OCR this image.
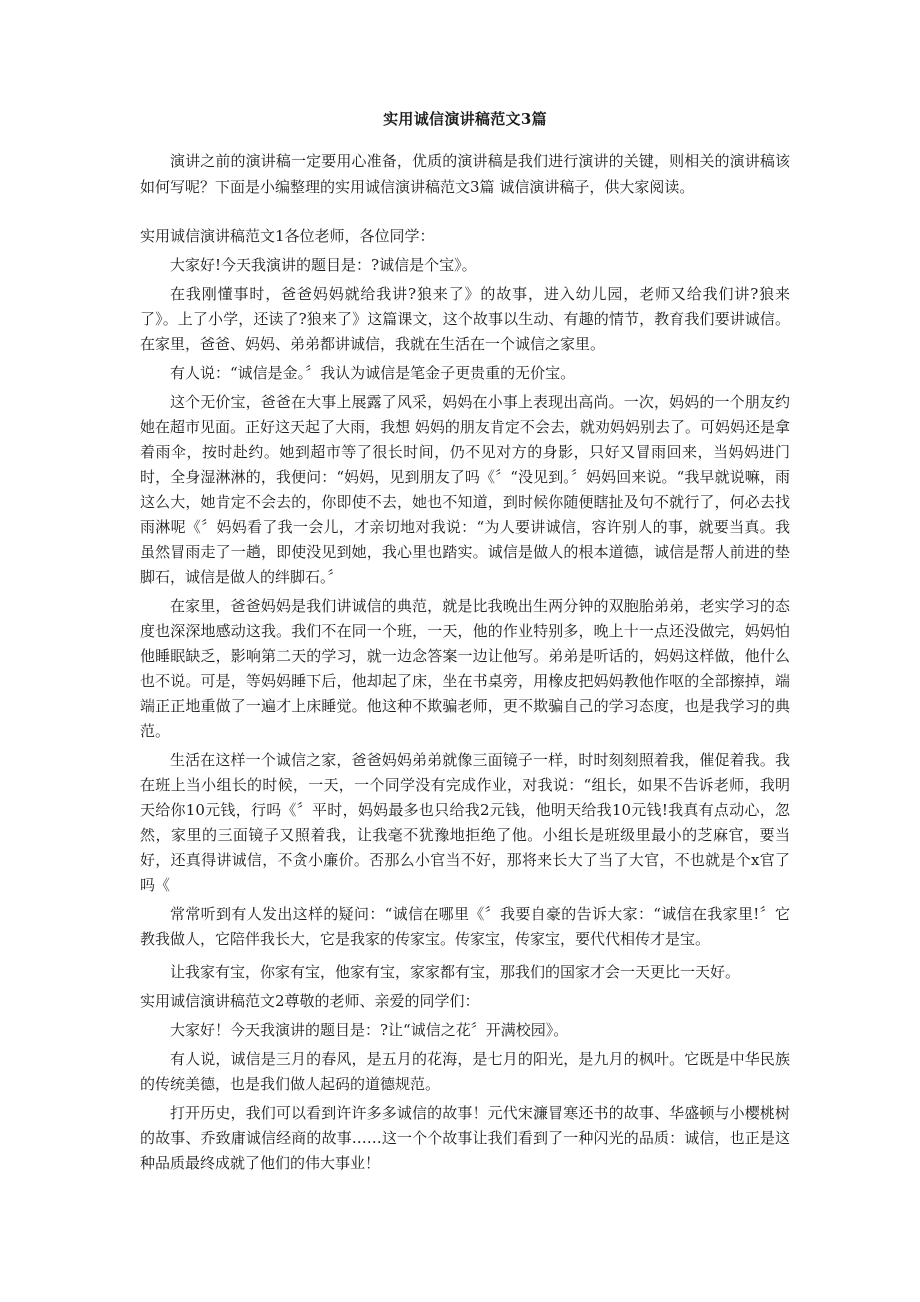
实用诚信演讲稿范文3篇

演讲之前的演讲稿一定要用心准备，优质的演讲稿是我们进行演讲的关键，则相关的演讲稿该如何写呢？下面是小编整理的实用诚信演讲稿范文3篇 诚信演讲稿子，供大家阅读。

实用诚信演讲稿范文1各位老师，各位同学：

大家好!今天我演讲的题目是：?诚信是个宝》。

在我刚懂事时，爸爸妈妈就给我讲?狼来了》的故事，进入幼儿园，老师又给我们讲?狼来了》。上了小学，还读了?狼来了》这篇课文，这个故事以生动、有趣的情节，教育我们要讲诚信。在家里，爸爸、妈妈、弟弟都讲诚信，我就在生活在一个诚信之家里。

有人说：“诚信是金。〞我认为诚信是笔金子更贵重的无价宝。

这个无价宝，爸爸在大事上展露了风采，妈妈在小事上表现出高尚。一次，妈妈的一个朋友约她在超市见面。正好这天起了大雨，我想 妈妈的朋友肯定不会去，就劝妈妈别去了。可妈妈还是拿着雨伞，按时赴约。她到超市等了很长时间，仍不见对方的身影，只好又冒雨回来，当妈妈进门时，全身湿淋淋的，我便问：“妈妈，见到朋友了吗《〞“没见到。〞妈妈回来说。“我早就说嘛，雨这么大，她肯定不会去的，你即使不去，她也不知道，到时候你随便瞎扯及句不就行了，何必去找雨淋呢《〞妈妈看了我一会儿，才亲切地对我说：“为人要讲诚信，容许别人的事，就要当真。我虽然冒雨走了一趟，即使没见到她，我心里也踏实。诚信是做人的根本道德，诚信是帮人前进的垫脚石，诚信是做人的绊脚石。〞

在家里，爸爸妈妈是我们讲诚信的典范，就是比我晚出生两分钟的双胞胎弟弟，老实学习的态度也深深地感动这我。我们不在同一个班，一天，他的作业特别多，晚上十一点还没做完，妈妈怕他睡眠缺乏，影响第二天的学习，就一边念答案一边让他写。弟弟是听话的，妈妈这样做，他什么也不说。可是，等妈妈睡下后，他却起了床，坐在书桌旁，用橡皮把妈妈教他作呕的全部擦掉，端端正正地重做了一遍才上床睡觉。他这种不欺骗老师，更不欺骗自己的学习态度，也是我学习的典范。

生活在这样一个诚信之家，爸爸妈妈弟弟就像三面镜子一样，时时刻刻照着我，催促着我。我在班上当小组长的时候，一天，一个同学没有完成作业，对我说：“组长，如果不告诉老师，我明天给你10元钱，行吗《〞平时，妈妈最多也只给我2元钱，他明天给我10元钱!我真有点动心，忽然，家里的三面镜子又照着我，让我毫不犹豫地拒绝了他。小组长是班级里最小的芝麻官，要当好，还真得讲诚信，不贪小廉价。否那么小官当不好，那将来长大了当了大官，不也就是个x官了吗《

常常听到有人发出这样的疑问：“诚信在哪里《〞我要自豪的告诉大家：“诚信在我家里!〞它教我做人，它陪伴我长大，它是我家的传家宝。传家宝，传家宝，要代代相传才是宝。

让我家有宝，你家有宝，他家有宝，家家都有宝，那我们的国家才会一天更比一天好。

实用诚信演讲稿范文2尊敬的老师、亲爱的同学们：

大家好！今天我演讲的题目是：?让“诚信之花〞开满校园》。

有人说，诚信是三月的春风，是五月的花海，是七月的阳光，是九月的枫叶。它既是中华民族的传统美德，也是我们做人起码的道德规范。

打开历史，我们可以看到许许多多诚信的故事！元代宋濂冒寒还书的故事、华盛顿与小樱桃树的故事、乔致庸诚信经商的故事……这一个个故事让我们看到了一种闪光的品质：诚信，也正是这种品质最终成就了他们的伟大事业！
